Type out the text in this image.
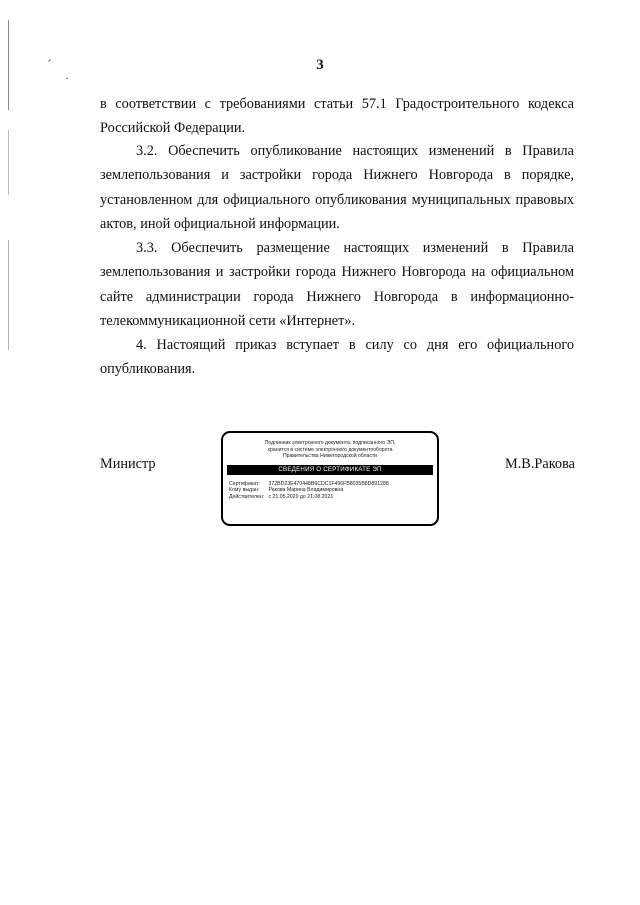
3

в соответствии с требованиями статьи 57.1 Градостроительного кодекса Российской Федерации.

3.2. Обеспечить опубликование настоящих изменений в Правила землепользования и застройки города Нижнего Новгорода в порядке, установленном для официального опубликования муниципальных правовых актов, иной официальной информации.

3.3. Обеспечить размещение настоящих изменений в Правила землепользования и застройки города Нижнего Новгорода на официальном сайте администрации города Нижнего Новгорода в информационно-телекоммуникационной сети «Интернет».

4. Настоящий приказ вступает в силу со дня его официального опубликования.

Министр	М.В.Ракова
Подлинник электронного документа, подписанного ЭП,
хранится в системе электронного документооборота
Правительства Нижегородской области
СВЕДЕНИЯ О СЕРТИФИКАТЕ ЭП
Сертификат: 372BD23E470448B6CDC1F496FB8035B8D891288
Кому выдан: Ракова Марина Владимировна
Действителен: с 21.05.2020 до 21.08.2021
